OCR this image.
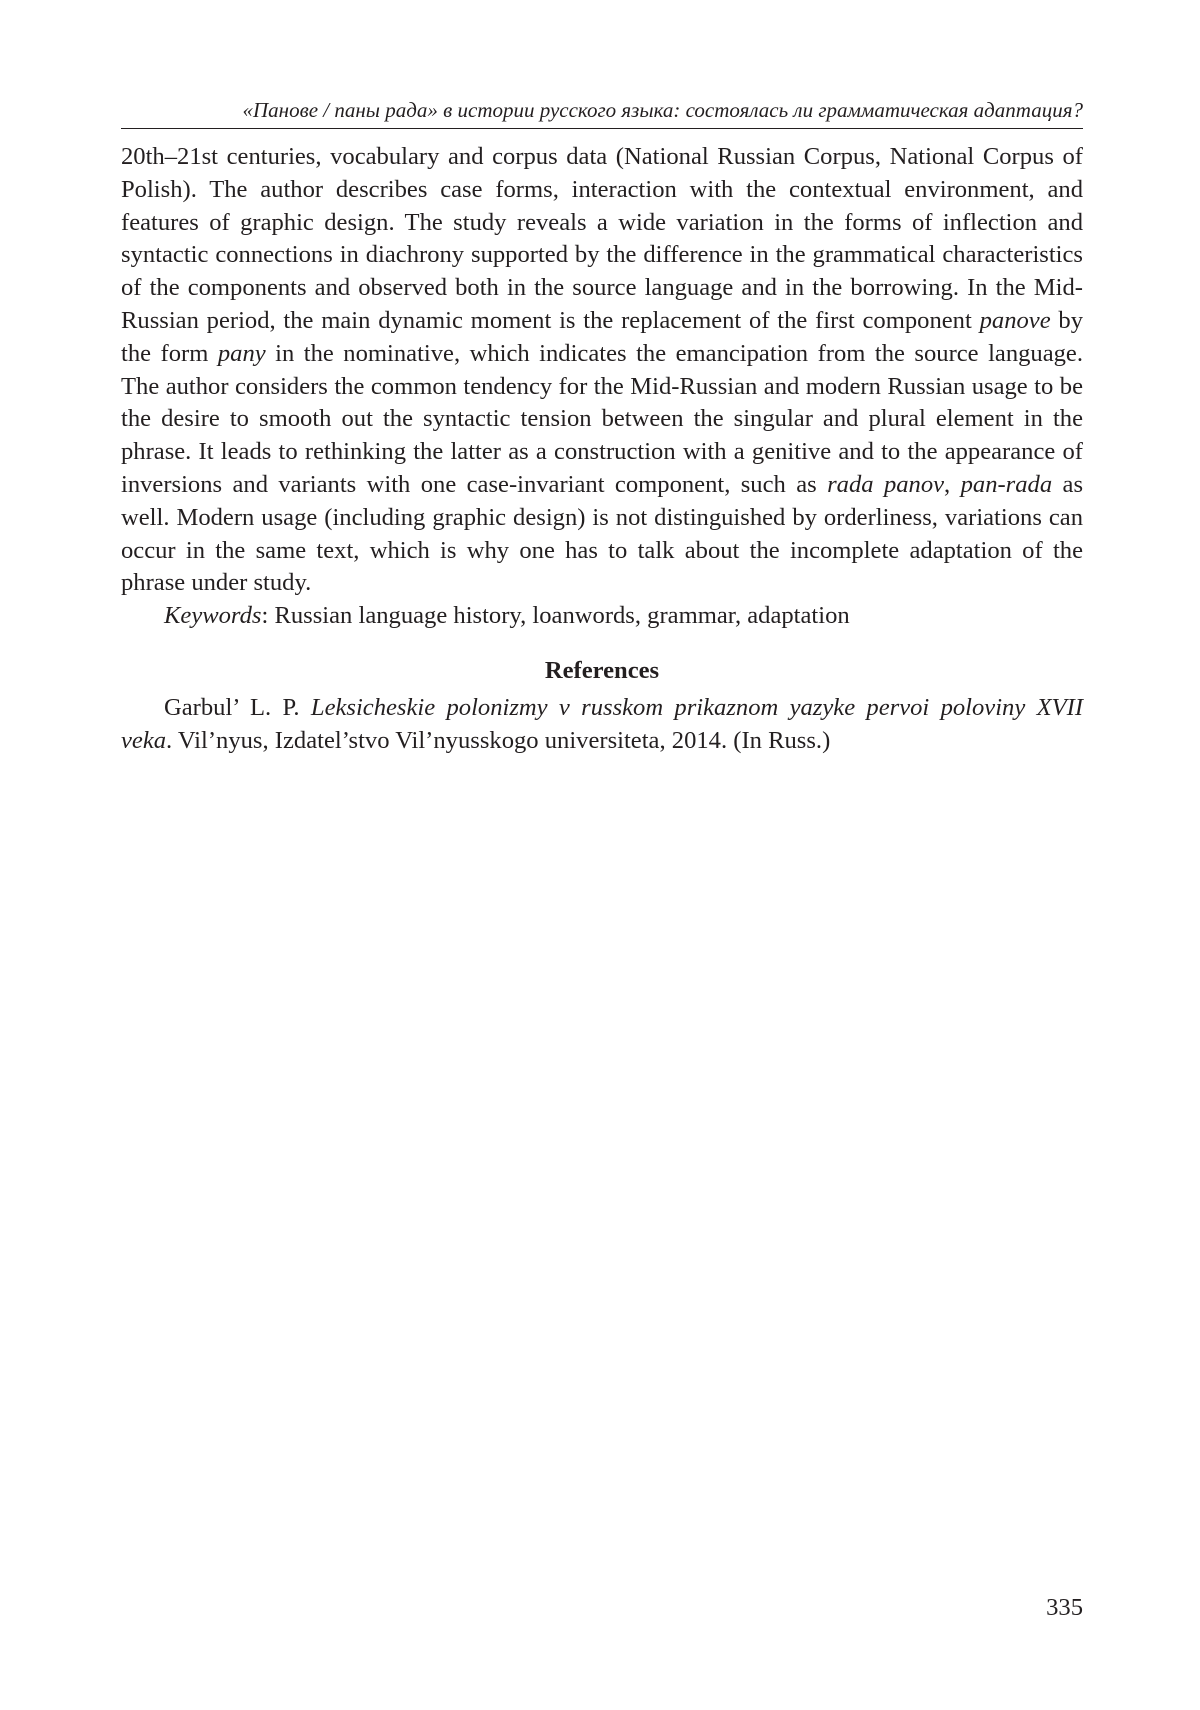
«Панове / паны рада» в истории русского языка: состоялась ли грамматическая адаптация?

20th–21st centuries, vocabulary and corpus data (National Russian Corpus, National Corpus of Polish). The author describes case forms, interaction with the contextual environment, and features of graphic design. The study reveals a wide variation in the forms of inflection and syntactic connections in diachrony supported by the difference in the grammatical characteristics of the components and observed both in the source language and in the borrowing. In the Mid-Russian period, the main dynamic moment is the replacement of the first component panove by the form pany in the nominative, which indicates the emancipation from the source language. The author considers the common tendency for the Mid-Russian and modern Russian usage to be the desire to smooth out the syntactic tension between the singular and plural element in the phrase. It leads to rethinking the latter as a construction with a genitive and to the appearance of inversions and variants with one case-invariant component, such as rada panov, pan-rada as well. Modern usage (including graphic design) is not distinguished by orderliness, variations can occur in the same text, which is why one has to talk about the incomplete adaptation of the phrase under study.

Keywords: Russian language history, loanwords, grammar, adaptation

References

Garbul’ L. P. Leksicheskie polonizmy v russkom prikaznom yazyke pervoi poloviny XVII veka. Vil’nyus, Izdatel’stvo Vil’nyusskogo universiteta, 2014. (In Russ.)

335
